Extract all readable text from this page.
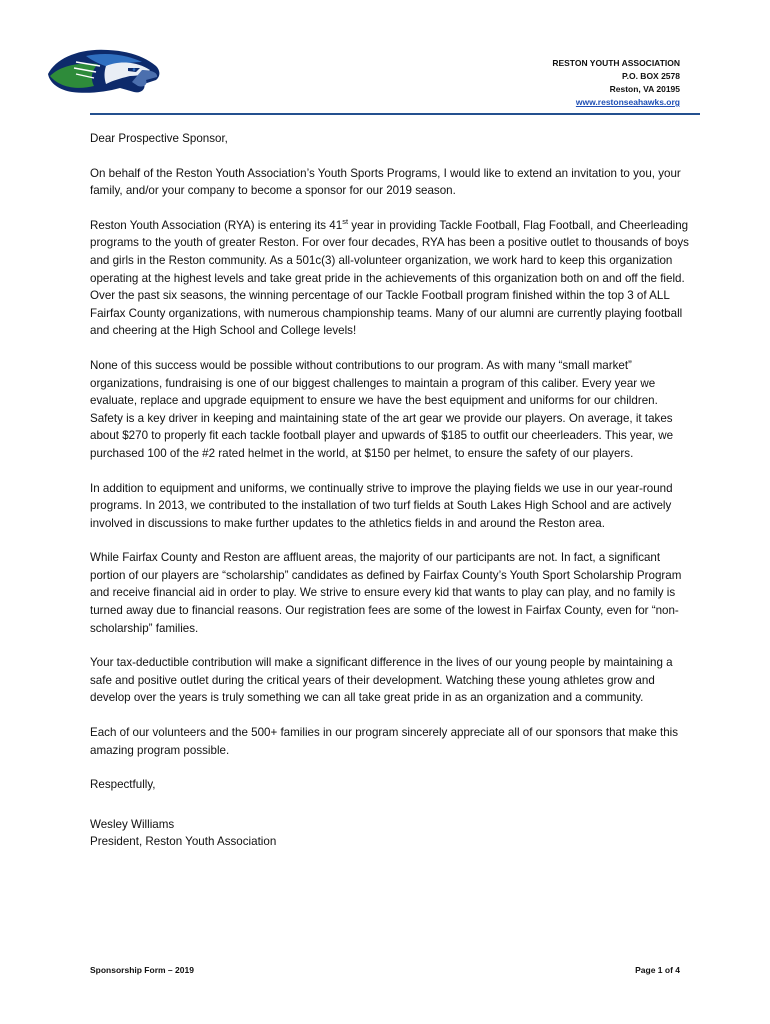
RESTON YOUTH ASSOCIATION
P.O. BOX 2578
Reston, VA 20195
www.restonseahawks.org

Dear Prospective Sponsor,

On behalf of the Reston Youth Association’s Youth Sports Programs, I would like to extend an invitation to you, your family, and/or your company to become a sponsor for our 2019 season.

Reston Youth Association (RYA) is entering its 41st year in providing Tackle Football, Flag Football, and Cheerleading programs to the youth of greater Reston. For over four decades, RYA has been a positive outlet to thousands of boys and girls in the Reston community. As a 501c(3) all-volunteer organization, we work hard to keep this organization operating at the highest levels and take great pride in the achievements of this organization both on and off the field. Over the past six seasons, the winning percentage of our Tackle Football program finished within the top 3 of ALL Fairfax County organizations, with numerous championship teams. Many of our alumni are currently playing football and cheering at the High School and College levels!

None of this success would be possible without contributions to our program. As with many “small market” organizations, fundraising is one of our biggest challenges to maintain a program of this caliber. Every year we evaluate, replace and upgrade equipment to ensure we have the best equipment and uniforms for our children. Safety is a key driver in keeping and maintaining state of the art gear we provide our players. On average, it takes about $270 to properly fit each tackle football player and upwards of $185 to outfit our cheerleaders. This year, we purchased 100 of the #2 rated helmet in the world, at $150 per helmet, to ensure the safety of our players.

In addition to equipment and uniforms, we continually strive to improve the playing fields we use in our year-round programs. In 2013, we contributed to the installation of two turf fields at South Lakes High School and are actively involved in discussions to make further updates to the athletics fields in and around the Reston area.

While Fairfax County and Reston are affluent areas, the majority of our participants are not. In fact, a significant portion of our players are “scholarship” candidates as defined by Fairfax County’s Youth Sport Scholarship Program and receive financial aid in order to play. We strive to ensure every kid that wants to play can play, and no family is turned away due to financial reasons. Our registration fees are some of the lowest in Fairfax County, even for “non-scholarship” families.

Your tax-deductible contribution will make a significant difference in the lives of our young people by maintaining a safe and positive outlet during the critical years of their development. Watching these young athletes grow and develop over the years is truly something we can all take great pride in as an organization and a community.

Each of our volunteers and the 500+ families in our program sincerely appreciate all of our sponsors that make this amazing program possible.

Respectfully,

Wesley Williams
President, Reston Youth Association
Sponsorship Form – 2019	Page 1 of 4
